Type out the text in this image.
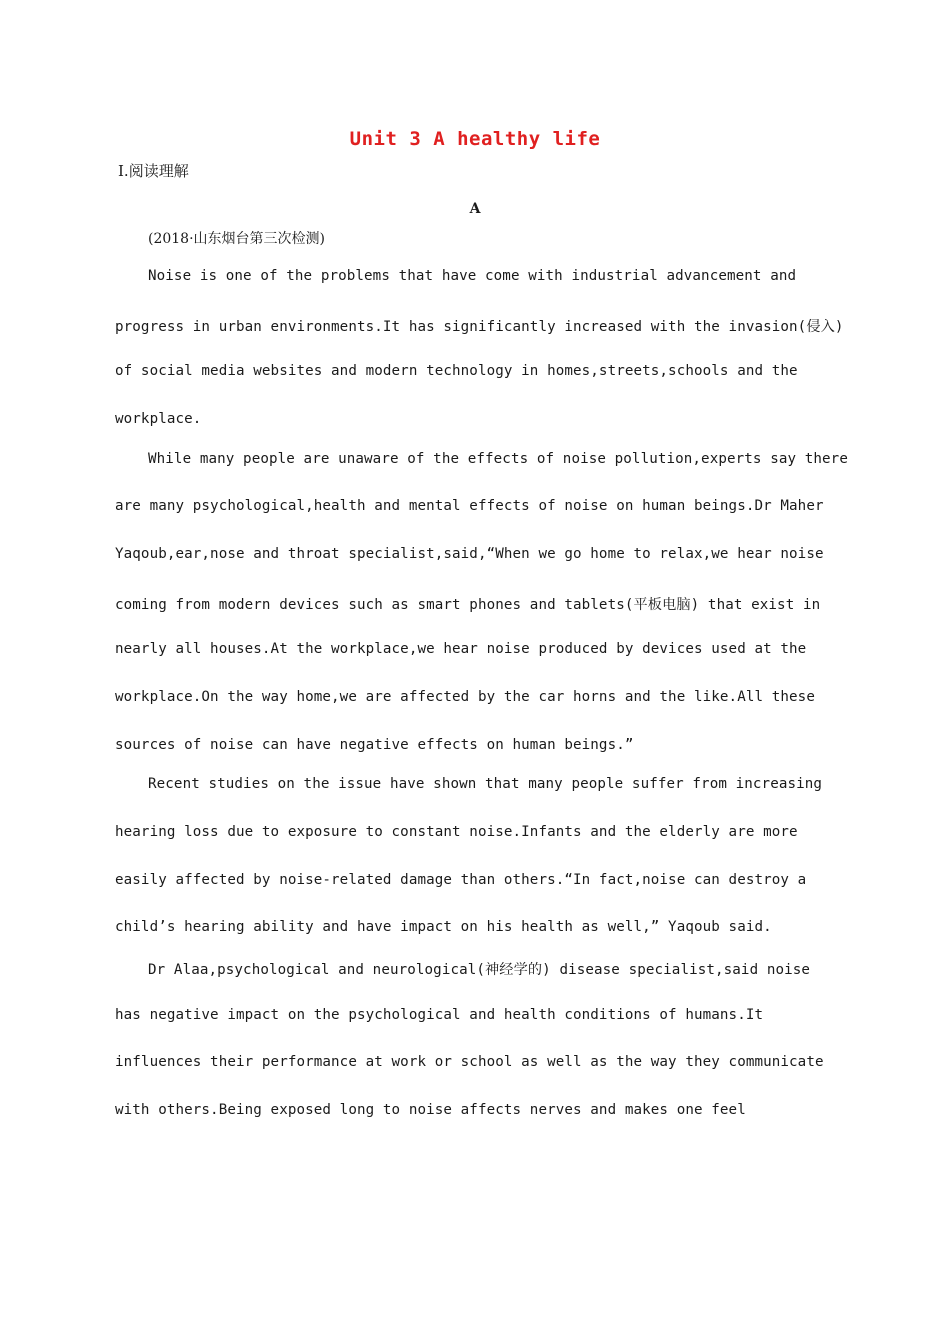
Unit 3 A healthy life
Ⅰ.阅读理解
A
(2018·山东烟台第三次检测)
Noise is one of the problems that have come with industrial advancement and
progress in urban environments.It has significantly increased with the invasion(侵入)
of social media websites and modern technology in homes,streets,schools and the
workplace.
While many people are unaware of the effects of noise pollution,experts say there
are many psychological,health and mental effects of noise on human beings.Dr Maher
Yaqoub,ear,nose and throat specialist,said,“When we go home to relax,we hear noise
coming from modern devices such as smart phones and tablets(平板电脑) that exist in
nearly all houses.At the workplace,we hear noise produced by devices used at the
workplace.On the way home,we are affected by the car horns and the like.All these
sources of noise can have negative effects on human beings.”
Recent studies on the issue have shown that many people suffer from increasing
hearing loss due to exposure to constant noise.Infants and the elderly are more
easily affected by noise-related damage than others.“In fact,noise can destroy a
child’s hearing ability and have impact on his health as well,” Yaqoub said.
Dr Alaa,psychological and neurological(神经学的) disease specialist,said noise
has negative impact on the psychological and health conditions of humans.It
influences their performance at work or school as well as the way they communicate
with others.Being exposed long to noise affects nerves and makes one feel
